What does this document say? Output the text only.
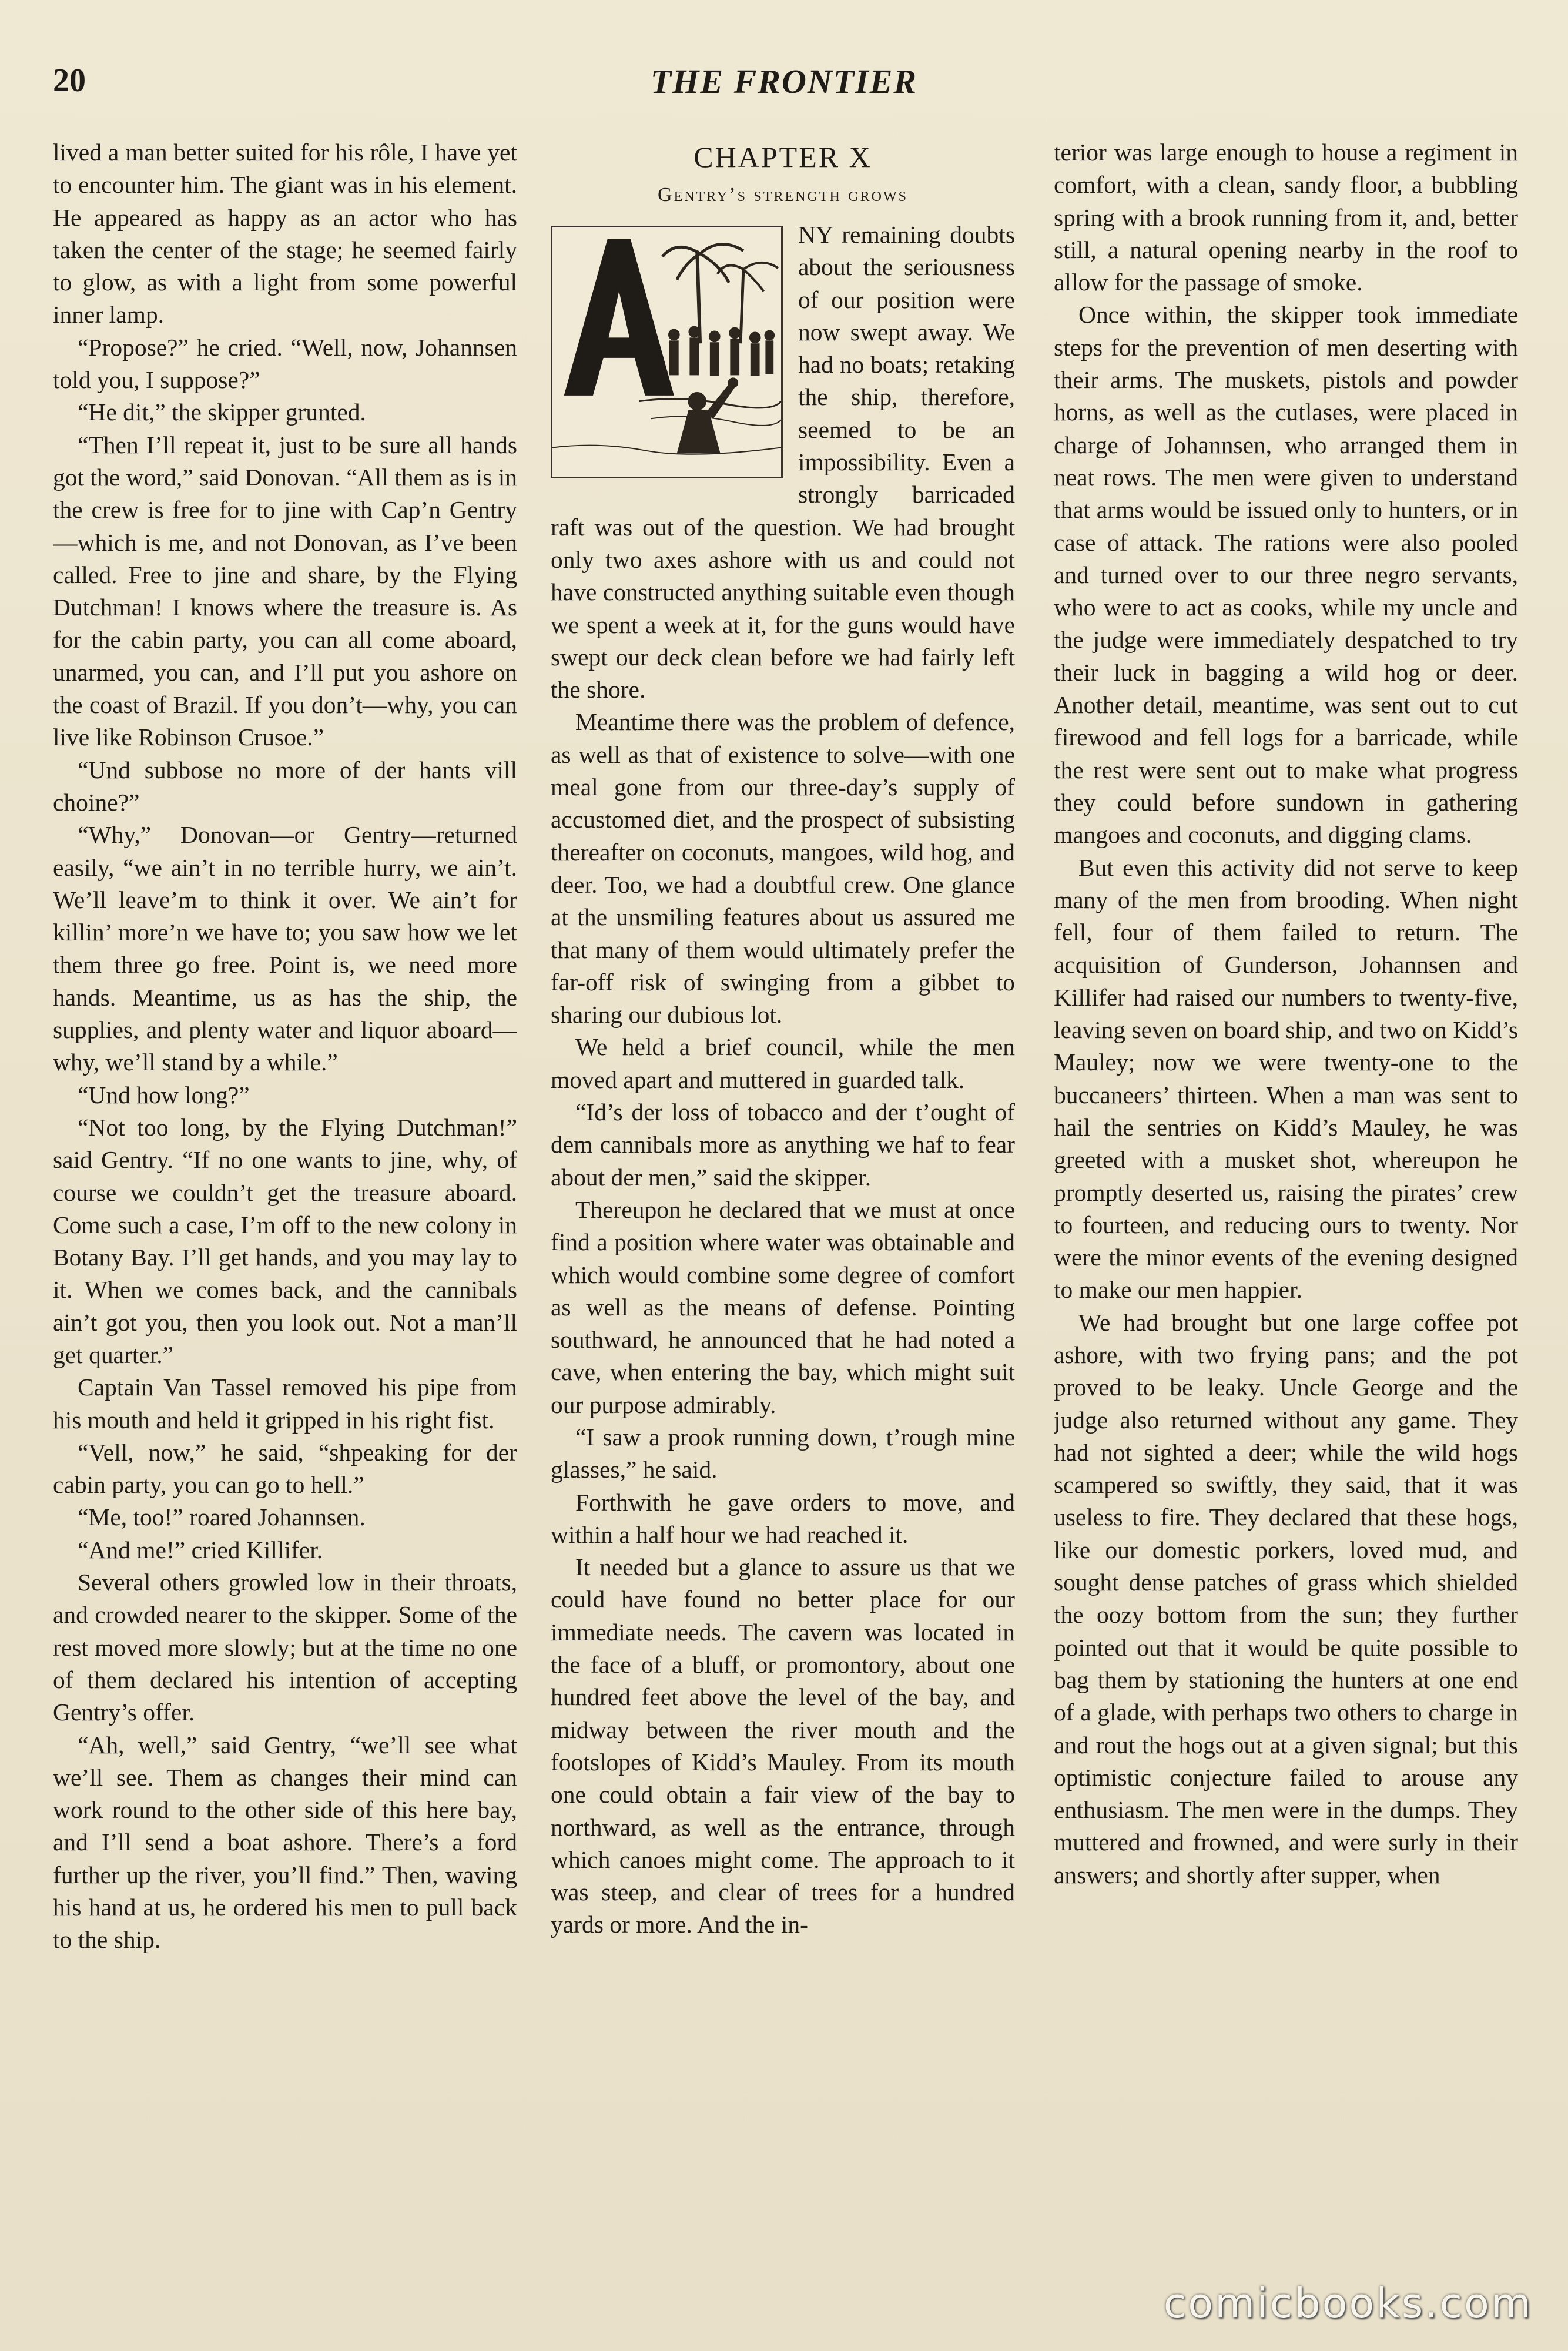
20	THE FRONTIER

lived a man better suited for his rôle, I have yet to encounter him. The giant was in his element. He appeared as happy as an actor who has taken the center of the stage; he seemed fairly to glow, as with a light from some powerful inner lamp.

“Propose?” he cried. “Well, now, Johannsen told you, I suppose?”

“He dit,” the skipper grunted.

“Then I’ll repeat it, just to be sure all hands got the word,” said Donovan. “All them as is in the crew is free for to jine with Cap’n Gentry—which is me, and not Donovan, as I’ve been called. Free to jine and share, by the Flying Dutchman! I knows where the treasure is. As for the cabin party, you can all come aboard, unarmed, you can, and I’ll put you ashore on the coast of Brazil. If you don’t—why, you can live like Robinson Crusoe.”

“Und subbose no more of der hants vill choine?”

“Why,” Donovan—or Gentry—returned easily, “we ain’t in no terrible hurry, we ain’t. We’ll leave’m to think it over. We ain’t for killin’ more’n we have to; you saw how we let them three go free. Point is, we need more hands. Meantime, us as has the ship, the supplies, and plenty water and liquor aboard—why, we’ll stand by a while.”

“Und how long?”

“Not too long, by the Flying Dutchman!” said Gentry. “If no one wants to jine, why, of course we couldn’t get the treasure aboard. Come such a case, I’m off to the new colony in Botany Bay. I’ll get hands, and you may lay to it. When we comes back, and the cannibals ain’t got you, then you look out. Not a man’ll get quarter.”

Captain Van Tassel removed his pipe from his mouth and held it gripped in his right fist.

“Vell, now,” he said, “shpeaking for der cabin party, you can go to hell.”

“Me, too!” roared Johannsen.

“And me!” cried Killifer.

Several others growled low in their throats, and crowded nearer to the skipper. Some of the rest moved more slowly; but at the time no one of them declared his intention of accepting Gentry’s offer.

“Ah, well,” said Gentry, “we’ll see what we’ll see. Them as changes their mind can work round to the other side of this here bay, and I’ll send a boat ashore. There’s a ford further up the river, you’ll find.” Then, waving his hand at us, he ordered his men to pull back to the ship.

CHAPTER X
Gentry’s strength grows

NY remaining doubts about the seriousness of our position were now swept away. We had no boats; retaking the ship, therefore, seemed to be an impossibility. Even a strongly barricaded raft was out of the question. We had brought only two axes ashore with us and could not have constructed anything suitable even though we spent a week at it, for the guns would have swept our deck clean before we had fairly left the shore.

Meantime there was the problem of defence, as well as that of existence to solve—with one meal gone from our three-day’s supply of accustomed diet, and the prospect of subsisting thereafter on coconuts, mangoes, wild hog, and deer. Too, we had a doubtful crew. One glance at the unsmiling features about us assured me that many of them would ultimately prefer the far-off risk of swinging from a gibbet to sharing our dubious lot.

We held a brief council, while the men moved apart and muttered in guarded talk.

“Id’s der loss of tobacco and der t’ought of dem cannibals more as anything we haf to fear about der men,” said the skipper.

Thereupon he declared that we must at once find a position where water was obtainable and which would combine some degree of comfort as well as the means of defense. Pointing southward, he announced that he had noted a cave, when entering the bay, which might suit our purpose admirably.

“I saw a prook running down, t’rough mine glasses,” he said.

Forthwith he gave orders to move, and within a half hour we had reached it.

It needed but a glance to assure us that we could have found no better place for our immediate needs. The cavern was located in the face of a bluff, or promontory, about one hundred feet above the level of the bay, and midway between the river mouth and the footslopes of Kidd’s Mauley. From its mouth one could obtain a fair view of the bay to northward, as well as the entrance, through which canoes might come. The approach to it was steep, and clear of trees for a hundred yards or more. And the in-

terior was large enough to house a regiment in comfort, with a clean, sandy floor, a bubbling spring with a brook running from it, and, better still, a natural opening nearby in the roof to allow for the passage of smoke.

Once within, the skipper took immediate steps for the prevention of men deserting with their arms. The muskets, pistols and powder horns, as well as the cutlases, were placed in charge of Johannsen, who arranged them in neat rows. The men were given to understand that arms would be issued only to hunters, or in case of attack. The rations were also pooled and turned over to our three negro servants, who were to act as cooks, while my uncle and the judge were immediately despatched to try their luck in bagging a wild hog or deer. Another detail, meantime, was sent out to cut firewood and fell logs for a barricade, while the rest were sent out to make what progress they could before sundown in gathering mangoes and coconuts, and digging clams.

But even this activity did not serve to keep many of the men from brooding. When night fell, four of them failed to return. The acquisition of Gunderson, Johannsen and Killifer had raised our numbers to twenty-five, leaving seven on board ship, and two on Kidd’s Mauley; now we were twenty-one to the buccaneers’ thirteen. When a man was sent to hail the sentries on Kidd’s Mauley, he was greeted with a musket shot, whereupon he promptly deserted us, raising the pirates’ crew to fourteen, and reducing ours to twenty. Nor were the minor events of the evening designed to make our men happier.

We had brought but one large coffee pot ashore, with two frying pans; and the pot proved to be leaky. Uncle George and the judge also returned without any game. They had not sighted a deer; while the wild hogs scampered so swiftly, they said, that it was useless to fire. They declared that these hogs, like our domestic porkers, loved mud, and sought dense patches of grass which shielded the oozy bottom from the sun; they further pointed out that it would be quite possible to bag them by stationing the hunters at one end of a glade, with perhaps two others to charge in and rout the hogs out at a given signal; but this optimistic conjecture failed to arouse any enthusiasm. The men were in the dumps. They muttered and frowned, and were surly in their answers; and shortly after supper, when

comicbooks.com
